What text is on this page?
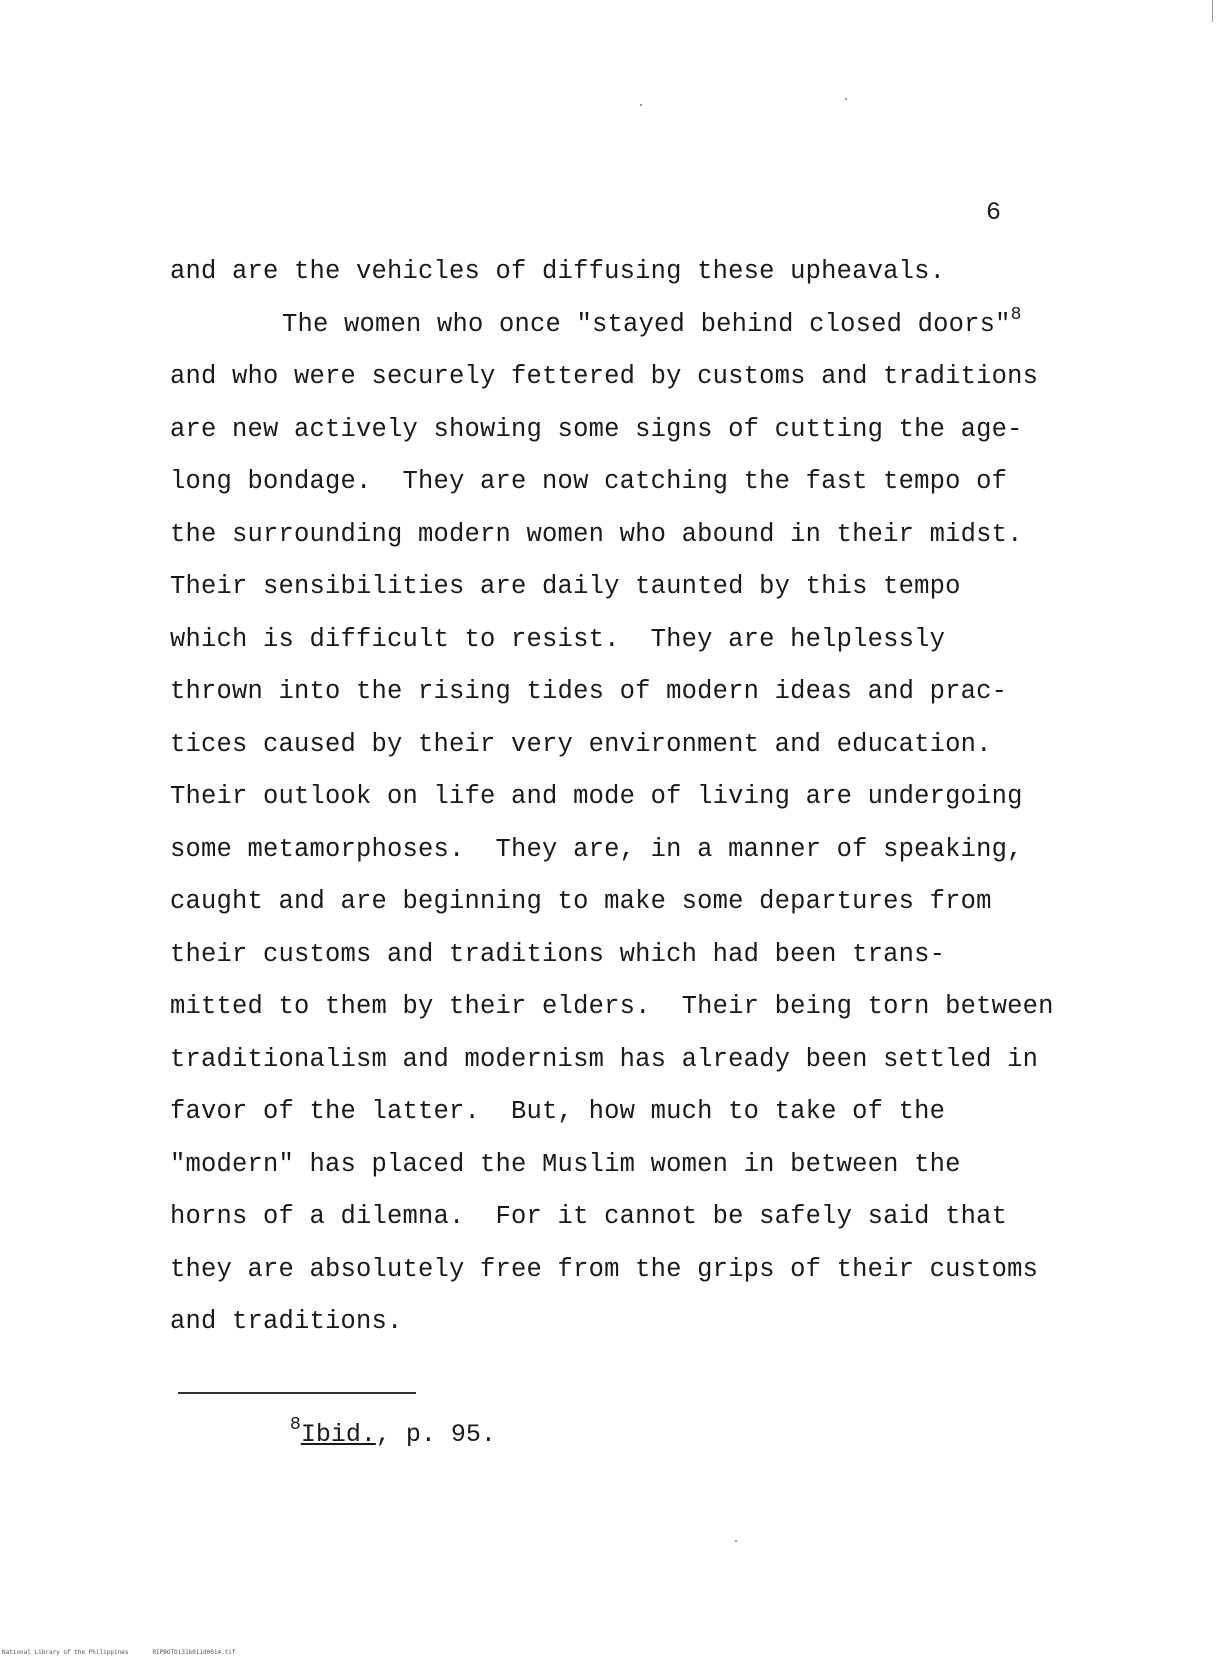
6
and are the vehicles of diffusing these upheavals.
The women who once "stayed behind closed doors"$^8$
and who were securely fettered by customs and traditions
are new actively showing some signs of cutting the age-
long bondage.  They are now catching the fast tempo of
the surrounding modern women who abound in their midst.
Their sensibilities are daily taunted by this tempo
which is difficult to resist.  They are helplessly
thrown into the rising tides of modern ideas and prac-
tices caused by their very environment and education.
Their outlook on life and mode of living are undergoing
some metamorphoses.  They are, in a manner of speaking,
caught and are beginning to make some departures from
their customs and traditions which had been trans-
mitted to them by their elders.  Their being torn between
traditionalism and modernism has already been settled in
favor of the latter.  But, how much to take of the
"modern" has placed the Muslim women in between the
horns of a dilemna.  For it cannot be safely said that
they are absolutely free from the grips of their customs
and traditions.
$^8$Ibid., p. 95.
National Library of the Philippines	RIPBOTD1316011d0014.tif
